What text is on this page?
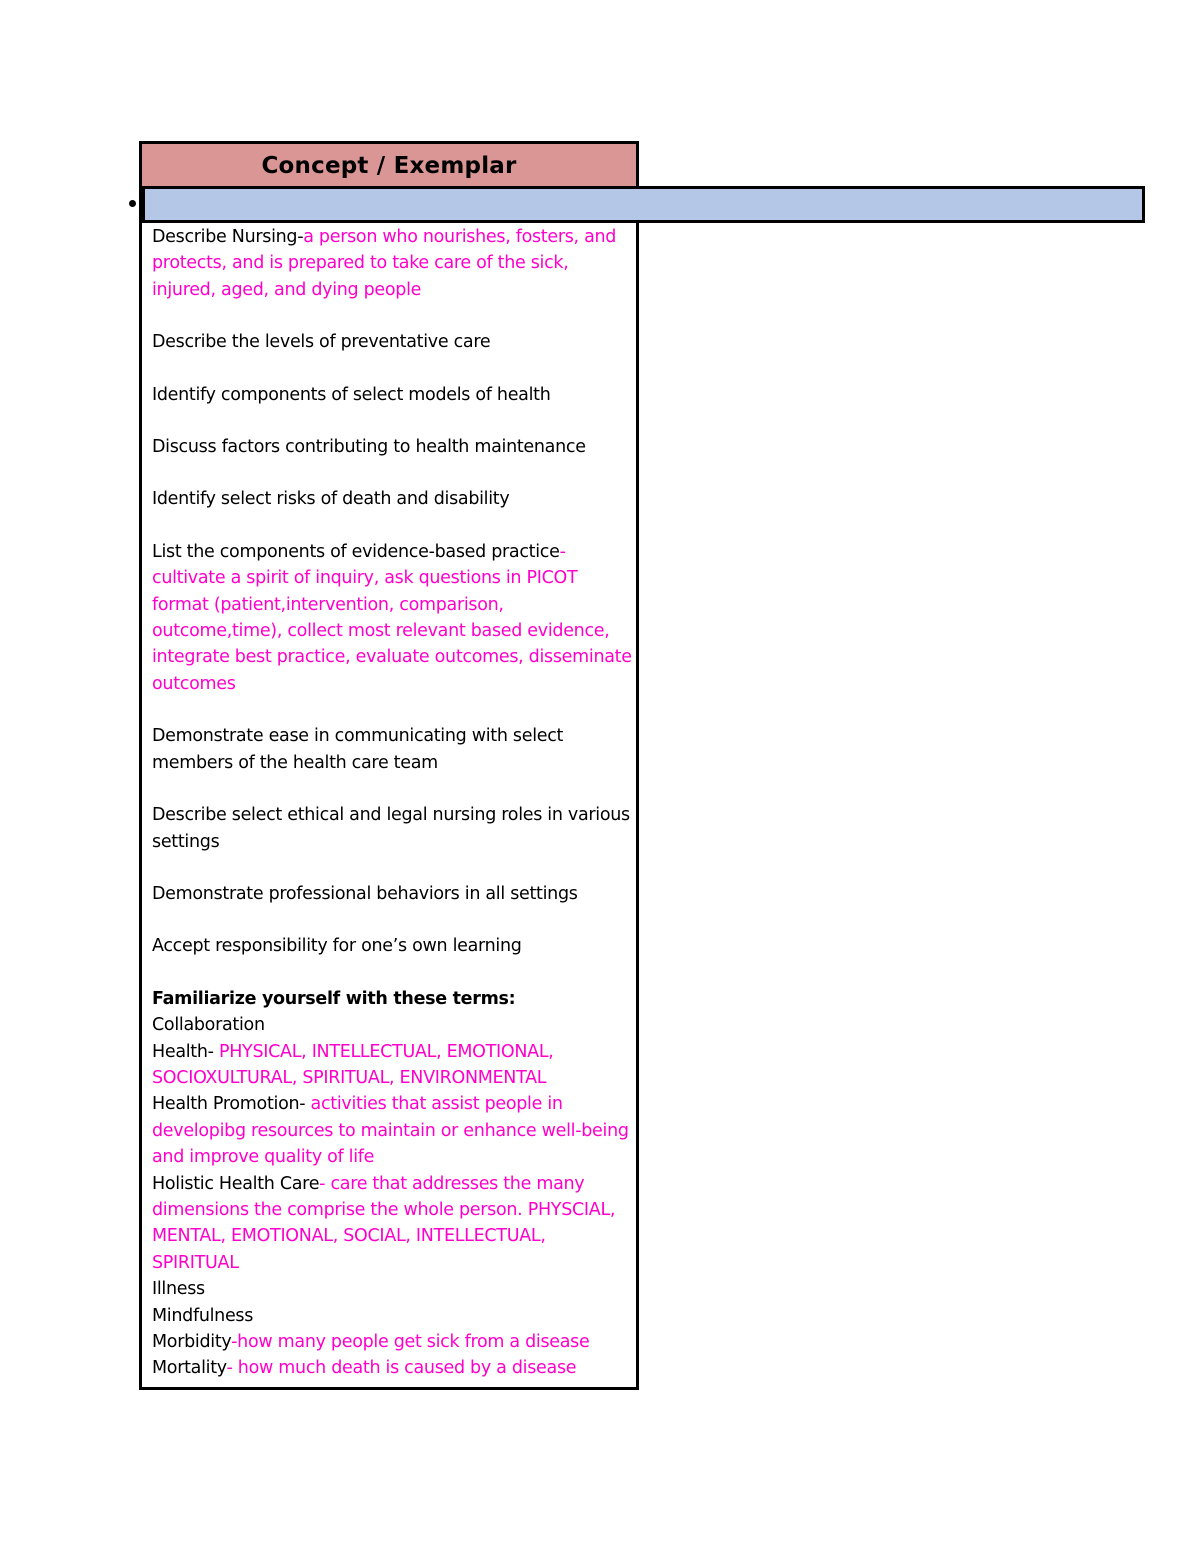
Concept / Exemplar

Describe Nursing-a person who nourishes, fosters, and protects, and is prepared to take care of the sick, injured, aged, and dying people

Describe the levels of preventative care

Identify components of select models of health

Discuss factors contributing to health maintenance

Identify select risks of death and disability

List the components of evidence-based practice- cultivate a spirit of inquiry, ask questions in PICOT format (patient,intervention, comparison, outcome,time), collect most relevant based evidence, integrate best practice, evaluate outcomes, disseminate outcomes

Demonstrate ease in communicating with select members of the health care team

Describe select ethical and legal nursing roles in various settings

Demonstrate professional behaviors in all settings

Accept responsibility for one’s own learning

Familiarize yourself with these terms:

Collaboration

Health- PHYSICAL, INTELLECTUAL, EMOTIONAL, SOCIOXULTURAL, SPIRITUAL, ENVIRONMENTAL

Health Promotion- activities that assist people in developibg resources to maintain or enhance well-being and improve quality of life

Holistic Health Care- care that addresses the many dimensions the comprise the whole person. PHYSCIAL, MENTAL, EMOTIONAL, SOCIAL, INTELLECTUAL, SPIRITUAL

Illness

Mindfulness

Morbidity-how many people get sick from a disease

Mortality- how much death is caused by a disease
